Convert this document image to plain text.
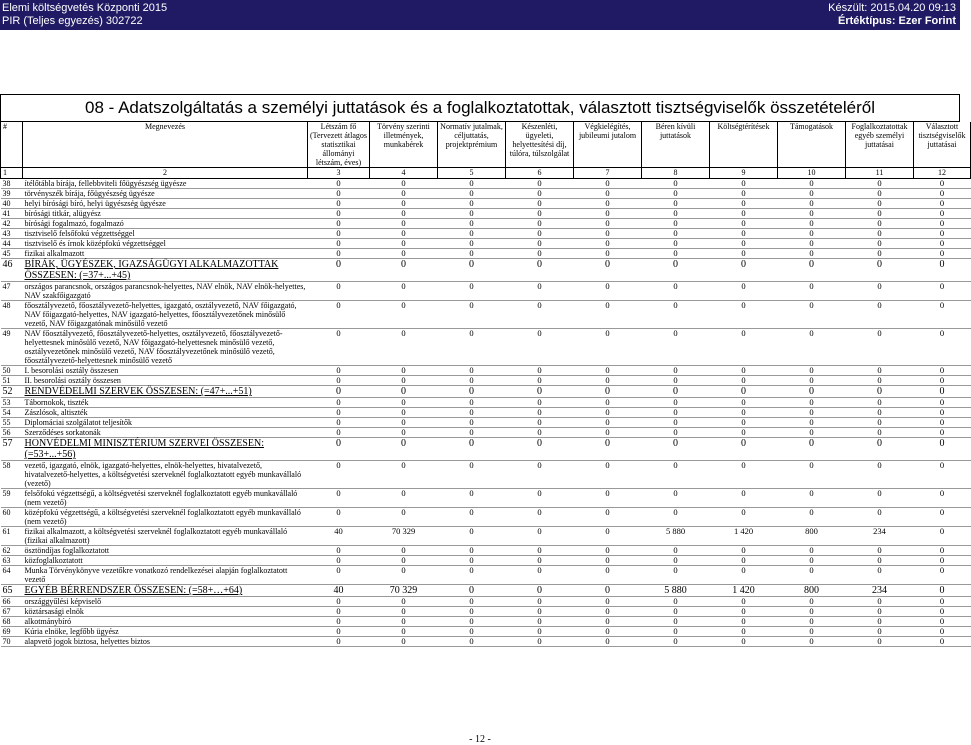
Elemi költségvetés Központi 2015
PIR (Teljes egyezés) 302722
Készült: 2015.04.20 09:13
Értéktípus: Ezer Forint
08 - Adatszolgáltatás a személyi juttatások és a foglalkoztatottak, választott tisztségviselők összetételéről
#	Megnevezés	Létszám fő (Tervezett átlagos statisztikai állományi létszám, éves)	Törvény szerinti illetmények, munkabérek	Normatív jutalmak, céljuttatás, projektprémium	Készenléti, ügyeleti, helyettesítési díj, túlóra, túlszolgálat	Végkielégítés, jubileumi jutalom	Béren kívüli juttatások	Költségtérítések	Támogatások	Foglalkoztatottak egyéb személyi juttatásai	Választott tisztségviselők juttatásai
1	2	3	4	5	6	7	8	9	10	11	12
38	ítélőtábla bírája, fellebbviteli főügyészség ügyésze	0	0	0	0	0	0	0	0	0	0
39	törvényszék bírája, főügyészség ügyésze	0	0	0	0	0	0	0	0	0	0
40	helyi bírósági bíró, helyi ügyészség ügyésze	0	0	0	0	0	0	0	0	0	0
41	bírósági titkár, alügyész	0	0	0	0	0	0	0	0	0	0
42	bírósági fogalmazó, fogalmazó	0	0	0	0	0	0	0	0	0	0
43	tisztviselő felsőfokú végzettséggel	0	0	0	0	0	0	0	0	0	0
44	tisztviselő és írnok középfokú végzettséggel	0	0	0	0	0	0	0	0	0	0
45	fizikai alkalmazott	0	0	0	0	0	0	0	0	0	0
46	BÍRÁK, ÜGYÉSZEK, IGAZSÁGÜGYI ALKALMAZOTTAK ÖSSZESEN: (=37+...+45)	0	0	0	0	0	0	0	0	0	0
47	országos parancsnok, országos parancsnok-helyettes, NAV elnök, NAV elnök-helyettes, NAV szakfőigazgató	0	0	0	0	0	0	0	0	0	0
48	főosztályvezető, főosztályvezető-helyettes, igazgató, osztályvezető, NAV főigazgató, NAV főigazgató-helyettes, NAV igazgató-helyettes, főosztályvezetőnek minősülő vezető, NAV főigazgatónak minősülő vezető	0	0	0	0	0	0	0	0	0	0
49	NAV főosztályvezető, főosztályvezető-helyettes, osztályvezető, főosztályvezető-helyettesnek minősülő vezető, NAV főigazgató-helyettesnek minősülő vezető, osztályvezetőnek minősülő vezető, NAV főosztályvezetőnek minősülő vezető, főosztályvezető-helyettesnek minősülő vezető	0	0	0	0	0	0	0	0	0	0
50	I. besorolási osztály összesen	0	0	0	0	0	0	0	0	0	0
51	II. besorolási osztály összesen	0	0	0	0	0	0	0	0	0	0
52	RENDVÉDELMI SZERVEK ÖSSZESEN: (=47+...+51)	0	0	0	0	0	0	0	0	0	0
53	Tábornokok, tiszték	0	0	0	0	0	0	0	0	0	0
54	Zászlósok, altiszték	0	0	0	0	0	0	0	0	0	0
55	Diplomáciai szolgálatot teljesítők	0	0	0	0	0	0	0	0	0	0
56	Szerződéses sorkatonák	0	0	0	0	0	0	0	0	0	0
57	HONVÉDELMI MINISZTÉRIUM SZERVEI ÖSSZESEN: (=53+...+56)	0	0	0	0	0	0	0	0	0	0
58	vezető, igazgató, elnök, igazgató-helyettes, elnök-helyettes, hivatalvezető, hivatalvezető-helyettes, a költségvetési szerveknél foglalkoztatott egyéb munkavállaló (vezető)	0	0	0	0	0	0	0	0	0	0
59	felsőfokú végzettségű, a költségvetési szerveknél foglalkoztatott egyéb munkavállaló (nem vezető)	0	0	0	0	0	0	0	0	0	0
60	középfokú végzettségű, a költségvetési szerveknél foglalkoztatott egyéb munkavállaló (nem vezető)	0	0	0	0	0	0	0	0	0	0
61	fizikai alkalmazott, a költségvetési szerveknél foglalkoztatott egyéb munkavállaló (fizikai alkalmazott)	40	70 329	0	0	0	5 880	1 420	800	234	0
62	ösztöndíjas foglalkoztatott	0	0	0	0	0	0	0	0	0	0
63	közfoglalkoztatott	0	0	0	0	0	0	0	0	0	0
64	Munka Törvénykönyve vezetőkre vonatkozó rendelkezései alapján foglalkoztatott vezető	0	0	0	0	0	0	0	0	0	0
65	EGYÉB BÉRRENDSZER ÖSSZESEN: (=58+…+64)	40	70 329	0	0	0	5 880	1 420	800	234	0
66	országgyűlési képviselő	0	0	0	0	0	0	0	0	0	0
67	köztársasági elnök	0	0	0	0	0	0	0	0	0	0
68	alkotmánybíró	0	0	0	0	0	0	0	0	0	0
69	Kúria elnöke, legfőbb ügyész	0	0	0	0	0	0	0	0	0	0
70	alapvető jogok biztosa, helyettes biztos	0	0	0	0	0	0	0	0	0	0
- 12 -
